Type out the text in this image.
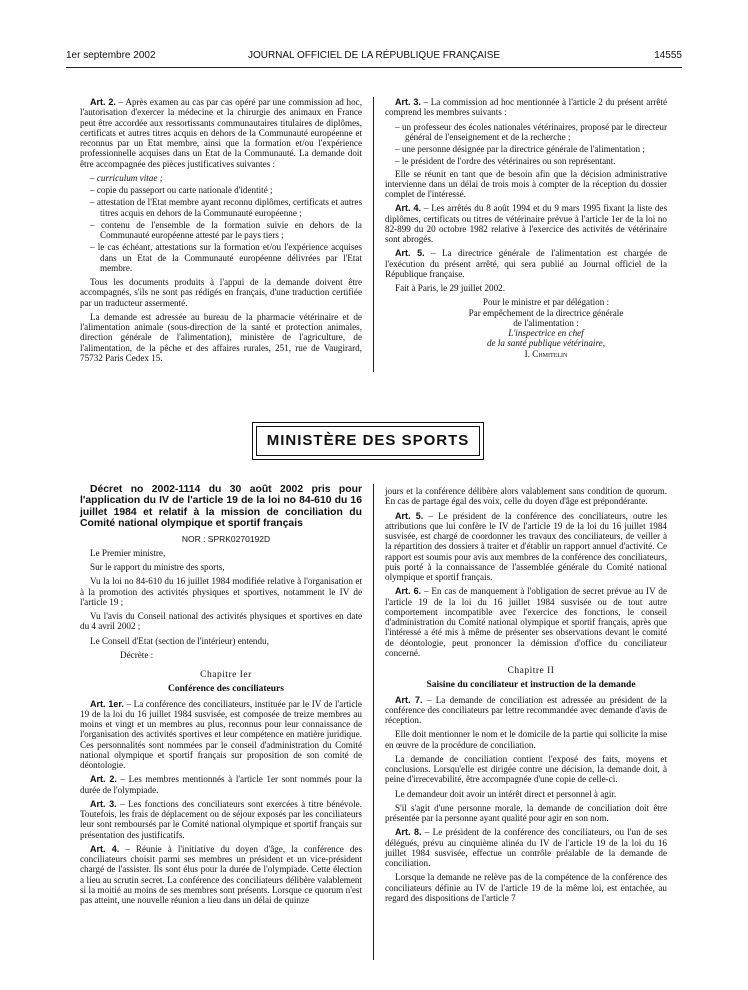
1er septembre 2002	JOURNAL OFFICIEL DE LA RÉPUBLIQUE FRANÇAISE	14555

Art. 2. – Après examen au cas par cas opéré par une commission ad hoc, l'autorisation d'exercer la médecine et la chirurgie des animaux en France peut être accordée aux ressortissants communautaires titulaires de diplômes, certificats et autres titres acquis en dehors de la Communauté européenne et reconnus par un Etat membre, ainsi que la formation et/ou l'expérience professionnelle acquises dans un Etat de la Communauté. La demande doit être accompagnée des pièces justificatives suivantes :

– curriculum vitae ;

– copie du passeport ou carte nationale d'identité ;

– attestation de l'Etat membre ayant reconnu diplômes, certificats et autres titres acquis en dehors de la Communauté européenne ;

– contenu de l'ensemble de la formation suivie en dehors de la Communauté européenne attesté par le pays tiers ;

– le cas échéant, attestations sur la formation et/ou l'expérience acquises dans un Etat de la Communauté européenne délivrées par l'Etat membre.

Tous les documents produits à l'appui de la demande doivent être accompagnés, s'ils ne sont pas rédigés en français, d'une traduction certifiée par un traducteur assermenté.

La demande est adressée au bureau de la pharmacie vétérinaire et de l'alimentation animale (sous-direction de la santé et protection animales, direction générale de l'alimentation), ministère de l'agriculture, de l'alimentation, de la pêche et des affaires rurales, 251, rue de Vaugirard, 75732 Paris Cedex 15.

Art. 3. – La commission ad hoc mentionnée à l'article 2 du présent arrêté comprend les membres suivants :

– un professeur des écoles nationales vétérinaires, proposé par le directeur général de l'enseignement et de la recherche ;

– une personne désignée par la directrice générale de l'alimentation ;

– le président de l'ordre des vétérinaires ou son représentant.

Elle se réunit en tant que de besoin afin que la décision administrative intervienne dans un délai de trois mois à compter de la réception du dossier complet de l'intéressé.

Art. 4. – Les arrêtés du 8 août 1994 et du 9 mars 1995 fixant la liste des diplômes, certificats ou titres de vétérinaire prévue à l'article 1er de la loi no 82-899 du 20 octobre 1982 relative à l'exercice des activités de vétérinaire sont abrogés.

Art. 5. – La directrice générale de l'alimentation est chargée de l'exécution du présent arrêté, qui sera publié au Journal officiel de la République française.

Fait à Paris, le 29 juillet 2002.

Pour le ministre et par délégation :

Par empêchement de la directrice générale

de l'alimentation :

L'inspectrice en chef

de la santé publique vétérinaire,

I. Chmitelin

MINISTÈRE DES SPORTS

Décret no 2002-1114 du 30 août 2002 pris pour l'application du IV de l'article 19 de la loi no 84-610 du 16 juillet 1984 et relatif à la mission de conciliation du Comité national olympique et sportif français

NOR : SPRK0270192D

Le Premier ministre,

Sur le rapport du ministre des sports,

Vu la loi no 84-610 du 16 juillet 1984 modifiée relative à l'organisation et à la promotion des activités physiques et sportives, notamment le IV de l'article 19 ;

Vu l'avis du Conseil national des activités physiques et sportives en date du 4 avril 2002 ;

Le Conseil d'Etat (section de l'intérieur) entendu,

Décrète :

Chapitre Ier

Conférence des conciliateurs

Art. 1er. – La conférence des conciliateurs, instituée par le IV de l'article 19 de la loi du 16 juillet 1984 susvisée, est composée de treize membres au moins et vingt et un membres au plus, reconnus pour leur connaissance de l'organisation des activités sportives et leur compétence en matière juridique. Ces personnalités sont nommées par le conseil d'administration du Comité national olympique et sportif français sur proposition de son comité de déontologie.

Art. 2. – Les membres mentionnés à l'article 1er sont nommés pour la durée de l'olympiade.

Art. 3. – Les fonctions des conciliateurs sont exercées à titre bénévole. Toutefois, les frais de déplacement ou de séjour exposés par les conciliateurs leur sont remboursés par le Comité national olympique et sportif français sur présentation des justificatifs.

Art. 4. – Réunie à l'initiative du doyen d'âge, la conférence des conciliateurs choisit parmi ses membres un président et un vice-président chargé de l'assister. Ils sont élus pour la durée de l'olympiade. Cette élection a lieu au scrutin secret. La conférence des conciliateurs délibère valablement si la moitié au moins de ses membres sont présents. Lorsque ce quorum n'est pas atteint, une nouvelle réunion a lieu dans un délai de quinze

jours et la conférence délibère alors valablement sans condition de quorum. En cas de partage égal des voix, celle du doyen d'âge est prépondérante.

Art. 5. – Le président de la conférence des conciliateurs, outre les attributions que lui confère le IV de l'article 19 de la loi du 16 juillet 1984 susvisée, est chargé de coordonner les travaux des conciliateurs, de veiller à la répartition des dossiers à traiter et d'établir un rapport annuel d'activité. Ce rapport est soumis pour avis aux membres de la conférence des conciliateurs, puis porté à la connaissance de l'assemblée générale du Comité national olympique et sportif français.

Art. 6. – En cas de manquement à l'obligation de secret prévue au IV de l'article 19 de la loi du 16 juillet 1984 susvisée ou de tout autre comportement incompatible avec l'exercice des fonctions, le conseil d'administration du Comité national olympique et sportif français, après que l'intéressé a été mis à même de présenter ses observations devant le comité de déontologie, peut prononcer la démission d'office du conciliateur concerné.

Chapitre II

Saisine du conciliateur et instruction de la demande

Art. 7. – La demande de conciliation est adressée au président de la conférence des conciliateurs par lettre recommandée avec demande d'avis de réception.

Elle doit mentionner le nom et le domicile de la partie qui sollicite la mise en œuvre de la procédure de conciliation.

La demande de conciliation contient l'exposé des faits, moyens et conclusions. Lorsqu'elle est dirigée contre une décision, la demande doit, à peine d'irrecevabilité, être accompagnée d'une copie de celle-ci.

Le demandeur doit avoir un intérêt direct et personnel à agir.

S'il s'agit d'une personne morale, la demande de conciliation doit être présentée par la personne ayant qualité pour agir en son nom.

Art. 8. – Le président de la conférence des conciliateurs, ou l'un de ses délégués, prévu au cinquième alinéa du IV de l'article 19 de la loi du 16 juillet 1984 susvisée, effectue un contrôle préalable de la demande de conciliation.

Lorsque la demande ne relève pas de la compétence de la conférence des conciliateurs définie au IV de l'article 19 de la même loi, est entachée, au regard des dispositions de l'article 7
